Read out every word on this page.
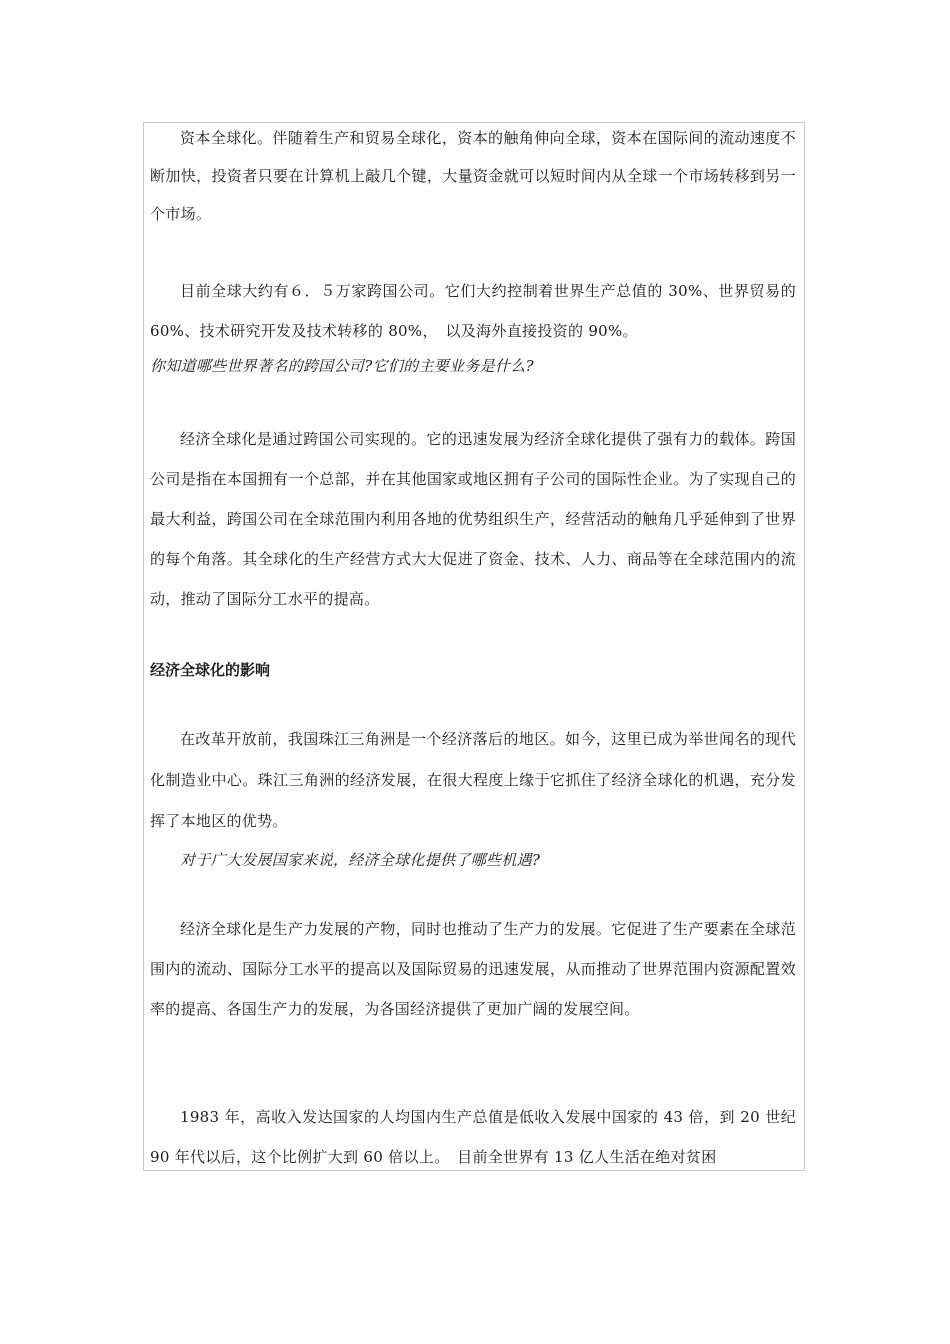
资本全球化。伴随着生产和贸易全球化，资本的触角伸向全球，资本在国际间的流动速度不断加快，投资者只要在计算机上敲几个键，大量资金就可以短时间内从全球一个市场转移到另一个市场。

目前全球大约有６．５万家跨国公司。它们大约控制着世界生产总值的 30%、世界贸易的 60%、技术研究开发及技术转移的 80%，　以及海外直接投资的 90%。

你知道哪些世界著名的跨国公司?它们的主要业务是什么?

经济全球化是通过跨国公司实现的。它的迅速发展为经济全球化提供了强有力的载体。跨国公司是指在本国拥有一个总部，并在其他国家或地区拥有子公司的国际性企业。为了实现自己的最大利益，跨国公司在全球范围内利用各地的优势组织生产，经营活动的触角几乎延伸到了世界的每个角落。其全球化的生产经营方式大大促进了资金、技术、人力、商品等在全球范围内的流动，推动了国际分工水平的提高。

经济全球化的影响

在改革开放前，我国珠江三角洲是一个经济落后的地区。如今，这里已成为举世闻名的现代化制造业中心。珠江三角洲的经济发展，在很大程度上缘于它抓住了经济全球化的机遇，充分发挥了本地区的优势。

对于广大发展国家来说，经济全球化提供了哪些机遇?

经济全球化是生产力发展的产物，同时也推动了生产力的发展。它促进了生产要素在全球范围内的流动、国际分工水平的提高以及国际贸易的迅速发展，从而推动了世界范围内资源配置效率的提高、各国生产力的发展，为各国经济提供了更加广阔的发展空间。

1983 年，高收入发达国家的人均国内生产总值是低收入发展中国家的 43 倍，到 20 世纪 90 年代以后，这个比例扩大到 60 倍以上。　目前全世界有 13 亿人生活在绝对贫困
